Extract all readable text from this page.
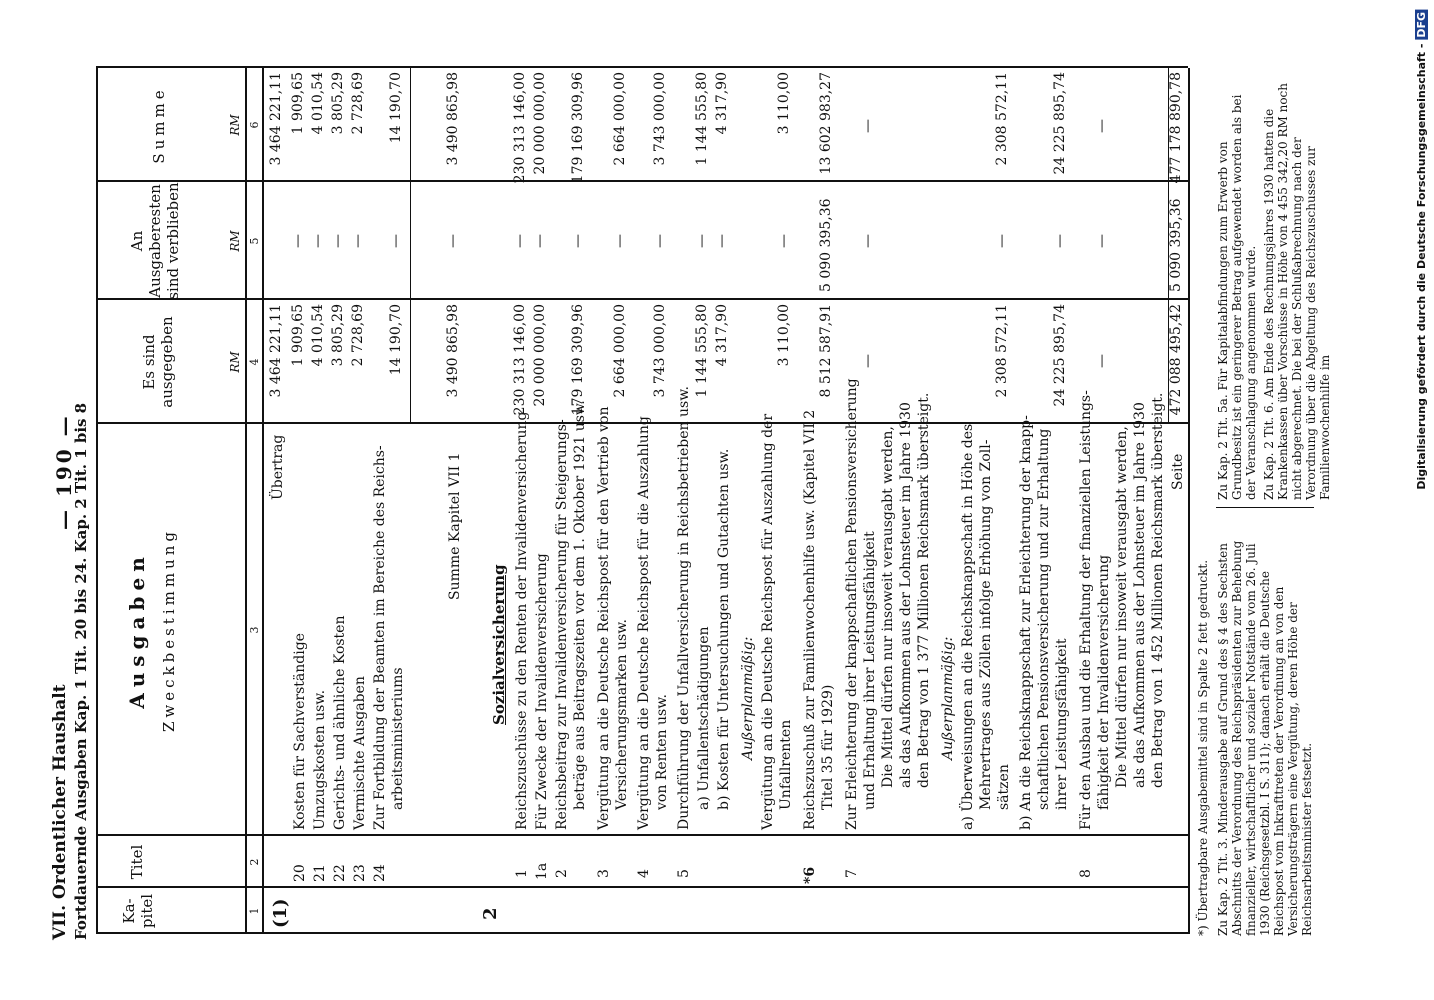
VII. Ordentlicher Haushalt Fortdauernde Ausgaben Kap. 1 Tit. 20 bis 24. Kap. 2 Tit. 1 bis 8
— 190 —
Ka-pitel
Titel
Ausgaben Zweckbestimmung
Es sind ausgegeben
An Ausgaberesten sind verblieben
Summe
RM
RM
RM
1
2
3
4
5
6
(1)
Übertrag
3 464 221,11
3 464 221,11
20
Kosten für Sachverständige
1 909,65
—
1 909,65
21
Umzugskosten usw.
4 010,54
—
4 010,54
22
Gerichts- und ähnliche Kosten
3 805,29
—
3 805,29
23
Vermischte Ausgaben
2 728,69
—
2 728,69
24
Zur Fortbildung der Beamten im Bereiche des Reichs- arbeitsministeriums
14 190,70
—
14 190,70
Summe Kapitel VII 1
3 490 865,98
—
3 490 865,98
2
Sozialversicherung
1
Reichszuschüsse zu den Renten der Invalidenversicherung
230 313 146,00
—
230 313 146,00
1a
Für Zwecke der Invalidenversicherung
20 000 000,00
—
20 000 000,00
2
Reichsbeitrag zur Invalidenversicherung für Steigerungs- beträge aus Beitragszeiten vor dem 1. Oktober 1921 usw.
179 169 309,96
—
179 169 309,96
3
Vergütung an die Deutsche Reichspost für den Vertrieb von Versicherungsmarken usw.
2 664 000,00
—
2 664 000,00
4
Vergütung an die Deutsche Reichspost für die Auszahlung von Renten usw.
3 743 000,00
—
3 743 000,00
5
Durchführung der Unfallversicherung in Reichsbetrieben usw. a) Unfallentschädigungen
1 144 555,80
—
1 144 555,80
b) Kosten für Untersuchungen und Gutachten usw.
4 317,90
—
4 317,90
Außerplanmäßig: Vergütung an die Deutsche Reichspost für Auszahlung der Unfallrenten
3 110,00
—
3 110,00
*6
Reichszuschuß zur Familienwochenhilfe usw. (Kapitel VII 2 Titel 35 für 1929)
8 512 587,91
5 090 395,36
13 602 983,27
7
Zur Erleichterung der knappschaftlichen Pensionsversicherung und Erhaltung ihrer Leistungsfähigkeit Die Mittel dürfen nur insoweit verausgabt werden, als das Aufkommen aus der Lohnsteuer im Jahre 1930 den Betrag von 1 377 Millionen Reichsmark übersteigt.
—
—
—
Außerplanmäßig: a) Überweisungen an die Reichsknappschaft in Höhe des Mehrertrages aus Zöllen infolge Erhöhung von Zoll- sätzen
2 308 572,11
—
2 308 572,11
b) An die Reichsknappschaft zur Erleichterung der knapp- schaftlichen Pensionsversicherung und zur Erhaltung ihrer Leistungsfähigkeit
24 225 895,74
—
24 225 895,74
8
Für den Ausbau und die Erhaltung der finanziellen Leistungs- fähigkeit der Invalidenversicherung Die Mittel dürfen nur insoweit verausgabt werden, als das Aufkommen aus der Lohnsteuer im Jahre 1930 den Betrag von 1 452 Millionen Reichsmark übersteigt.
—
—
—
Seite
472 088 495,42
5 090 395,36
477 178 890,78
*) Übertragbare Ausgabemittel sind in Spalte 2 fett gedruckt. Zu Kap. 2 Tit. 3. Minderausgabe auf Grund des § 4 des Sechsten Abschnitts der Verordnung des Reichspräsidenten zur Behebung finanzieller, wirtschaftlicher und sozialer Notstände vom 26. Juli 1930 (Reichsgesetzbl. I S. 311); danach erhält die Deutsche Reichspost vom Inkrafttreten der Verordnung an von den Versicherungsträgern eine Vergütung, deren Höhe der Reichsarbeitsminister festsetzt.
Zu Kap. 2 Tit. 5a. Für Kapitalabfindungen zum Erwerb von Grundbesitz ist ein geringerer Betrag aufgewendet worden als bei der Veranschlagung angenommen wurde. Zu Kap. 2 Tit. 6. Am Ende des Rechnungsjahres 1930 hatten die Krankenkassen über Vorschüsse in Höhe von 4 455 342,20 RM noch nicht abgerechnet. Die bei der Schlußabrechnung nach der Verordnung über die Abgeltung des Reichszuschusses zur Familienwochenhilfe im	Digitalisierung gefördert durch die Deutsche Forschungsgemeinschaft - DFG
